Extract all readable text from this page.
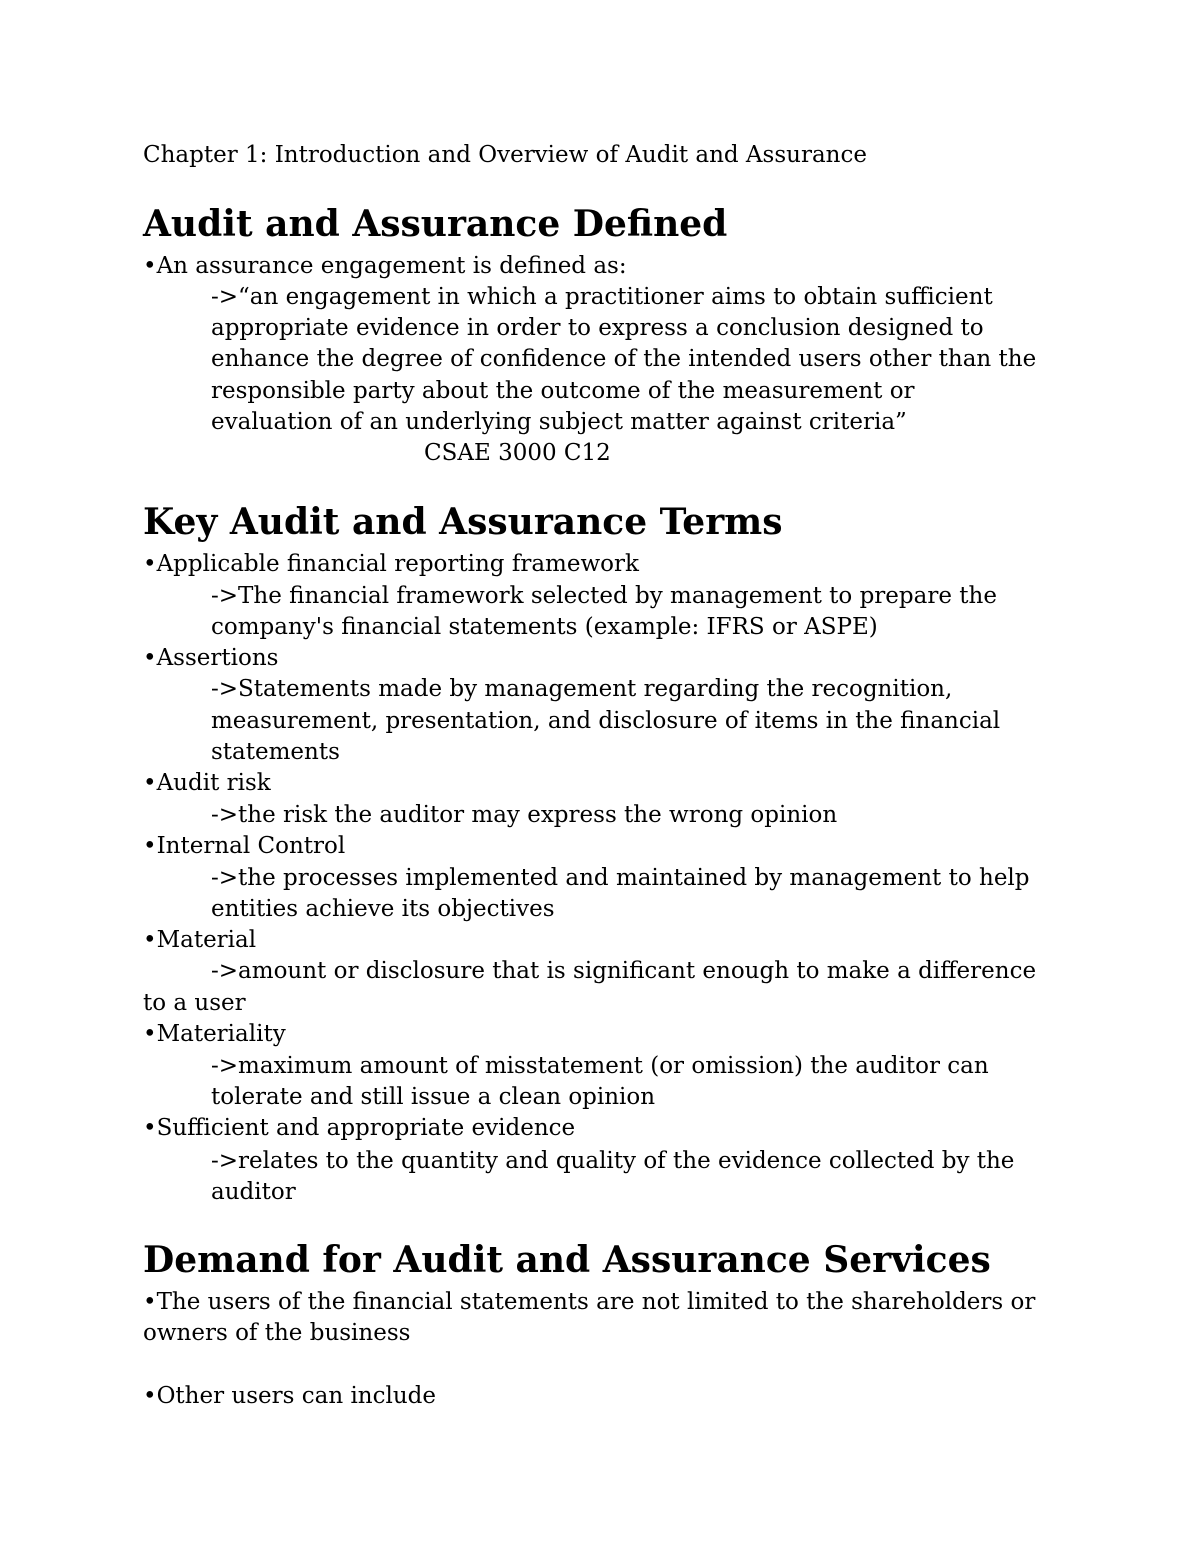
Chapter 1: Introduction and Overview of Audit and Assurance

Audit and Assurance Defined

•An assurance engagement is defined as:

->“an engagement in which a practitioner aims to obtain sufficient

appropriate evidence in order to express a conclusion designed to

enhance the degree of confidence of the intended users other than the

responsible party about the outcome of the measurement or

evaluation of an underlying subject matter against criteria”

CSAE 3000 C12

Key Audit and Assurance Terms

•Applicable financial reporting framework

->The financial framework selected by management to prepare the

company's financial statements (example: IFRS or ASPE)

•Assertions

->Statements made by management regarding the recognition,

measurement, presentation, and disclosure of items in the financial

statements

•Audit risk

->the risk the auditor may express the wrong opinion

•Internal Control

->the processes implemented and maintained by management to help

entities achieve its objectives

•Material

->amount or disclosure that is significant enough to make a difference

to a user

•Materiality

->maximum amount of misstatement (or omission) the auditor can

tolerate and still issue a clean opinion

•Sufficient and appropriate evidence

->relates to the quantity and quality of the evidence collected by the

auditor

Demand for Audit and Assurance Services

•The users of the financial statements are not limited to the shareholders or

owners of the business

•Other users can include
